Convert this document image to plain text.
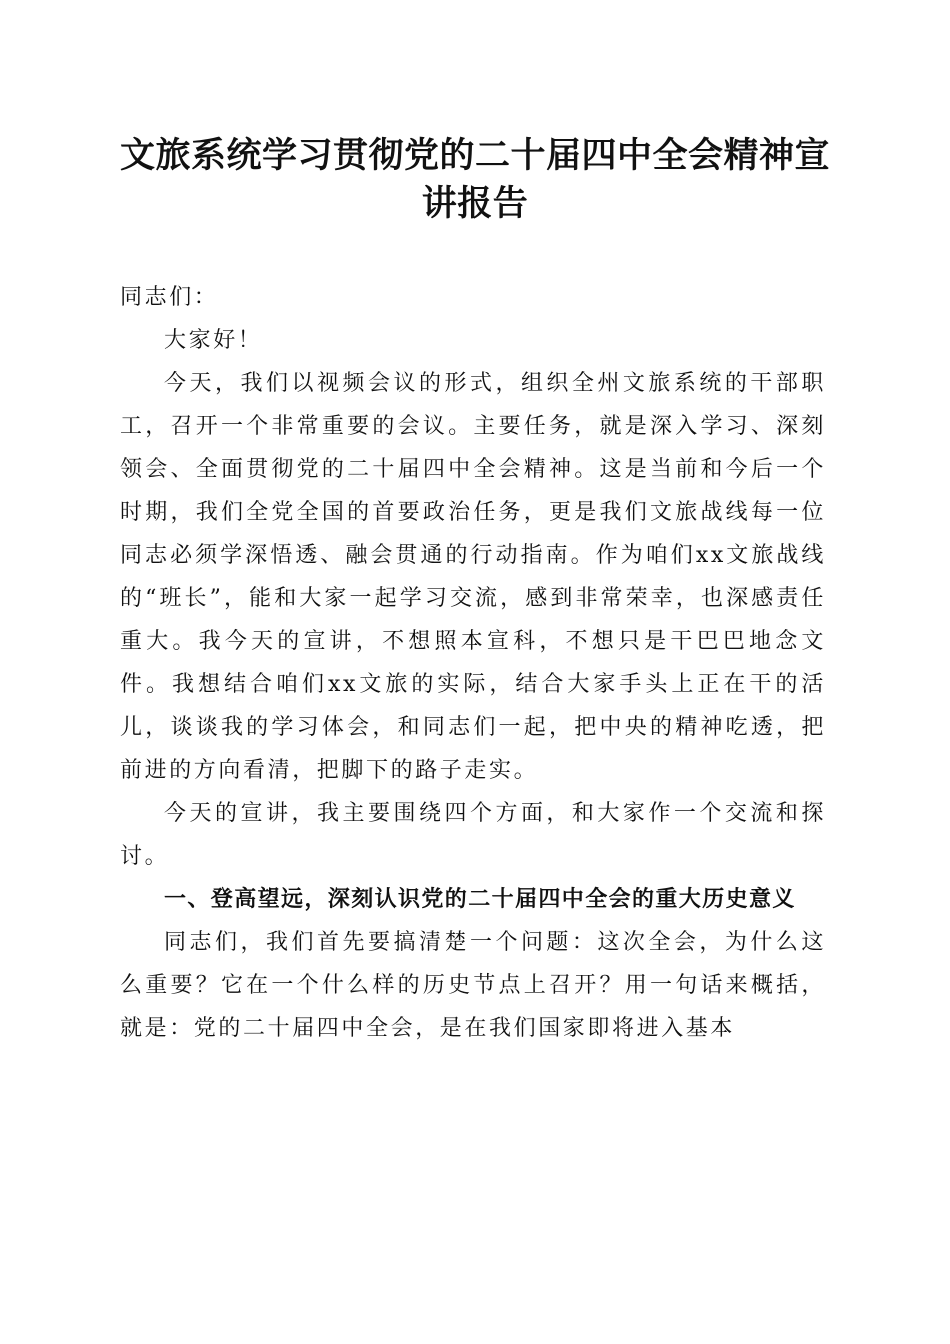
文旅系统学习贯彻党的二十届四中全会精神宣讲报告

同志们：

大家好！

今天，我们以视频会议的形式，组织全州文旅系统的干部职工，召开一个非常重要的会议。主要任务，就是深入学习、深刻领会、全面贯彻党的二十届四中全会精神。这是当前和今后一个时期，我们全党全国的首要政治任务，更是我们文旅战线每一位同志必须学深悟透、融会贯通的行动指南。作为咱们xx文旅战线的“班长”，能和大家一起学习交流，感到非常荣幸，也深感责任重大。我今天的宣讲，不想照本宣科，不想只是干巴巴地念文件。我想结合咱们xx文旅的实际，结合大家手头上正在干的活儿，谈谈我的学习体会，和同志们一起，把中央的精神吃透，把前进的方向看清，把脚下的路子走实。

今天的宣讲，我主要围绕四个方面，和大家作一个交流和探讨。

一、登高望远，深刻认识党的二十届四中全会的重大历史意义

同志们，我们首先要搞清楚一个问题：这次全会，为什么这么重要？它在一个什么样的历史节点上召开？用一句话来概括，就是：党的二十届四中全会，是在我们国家即将进入基本
